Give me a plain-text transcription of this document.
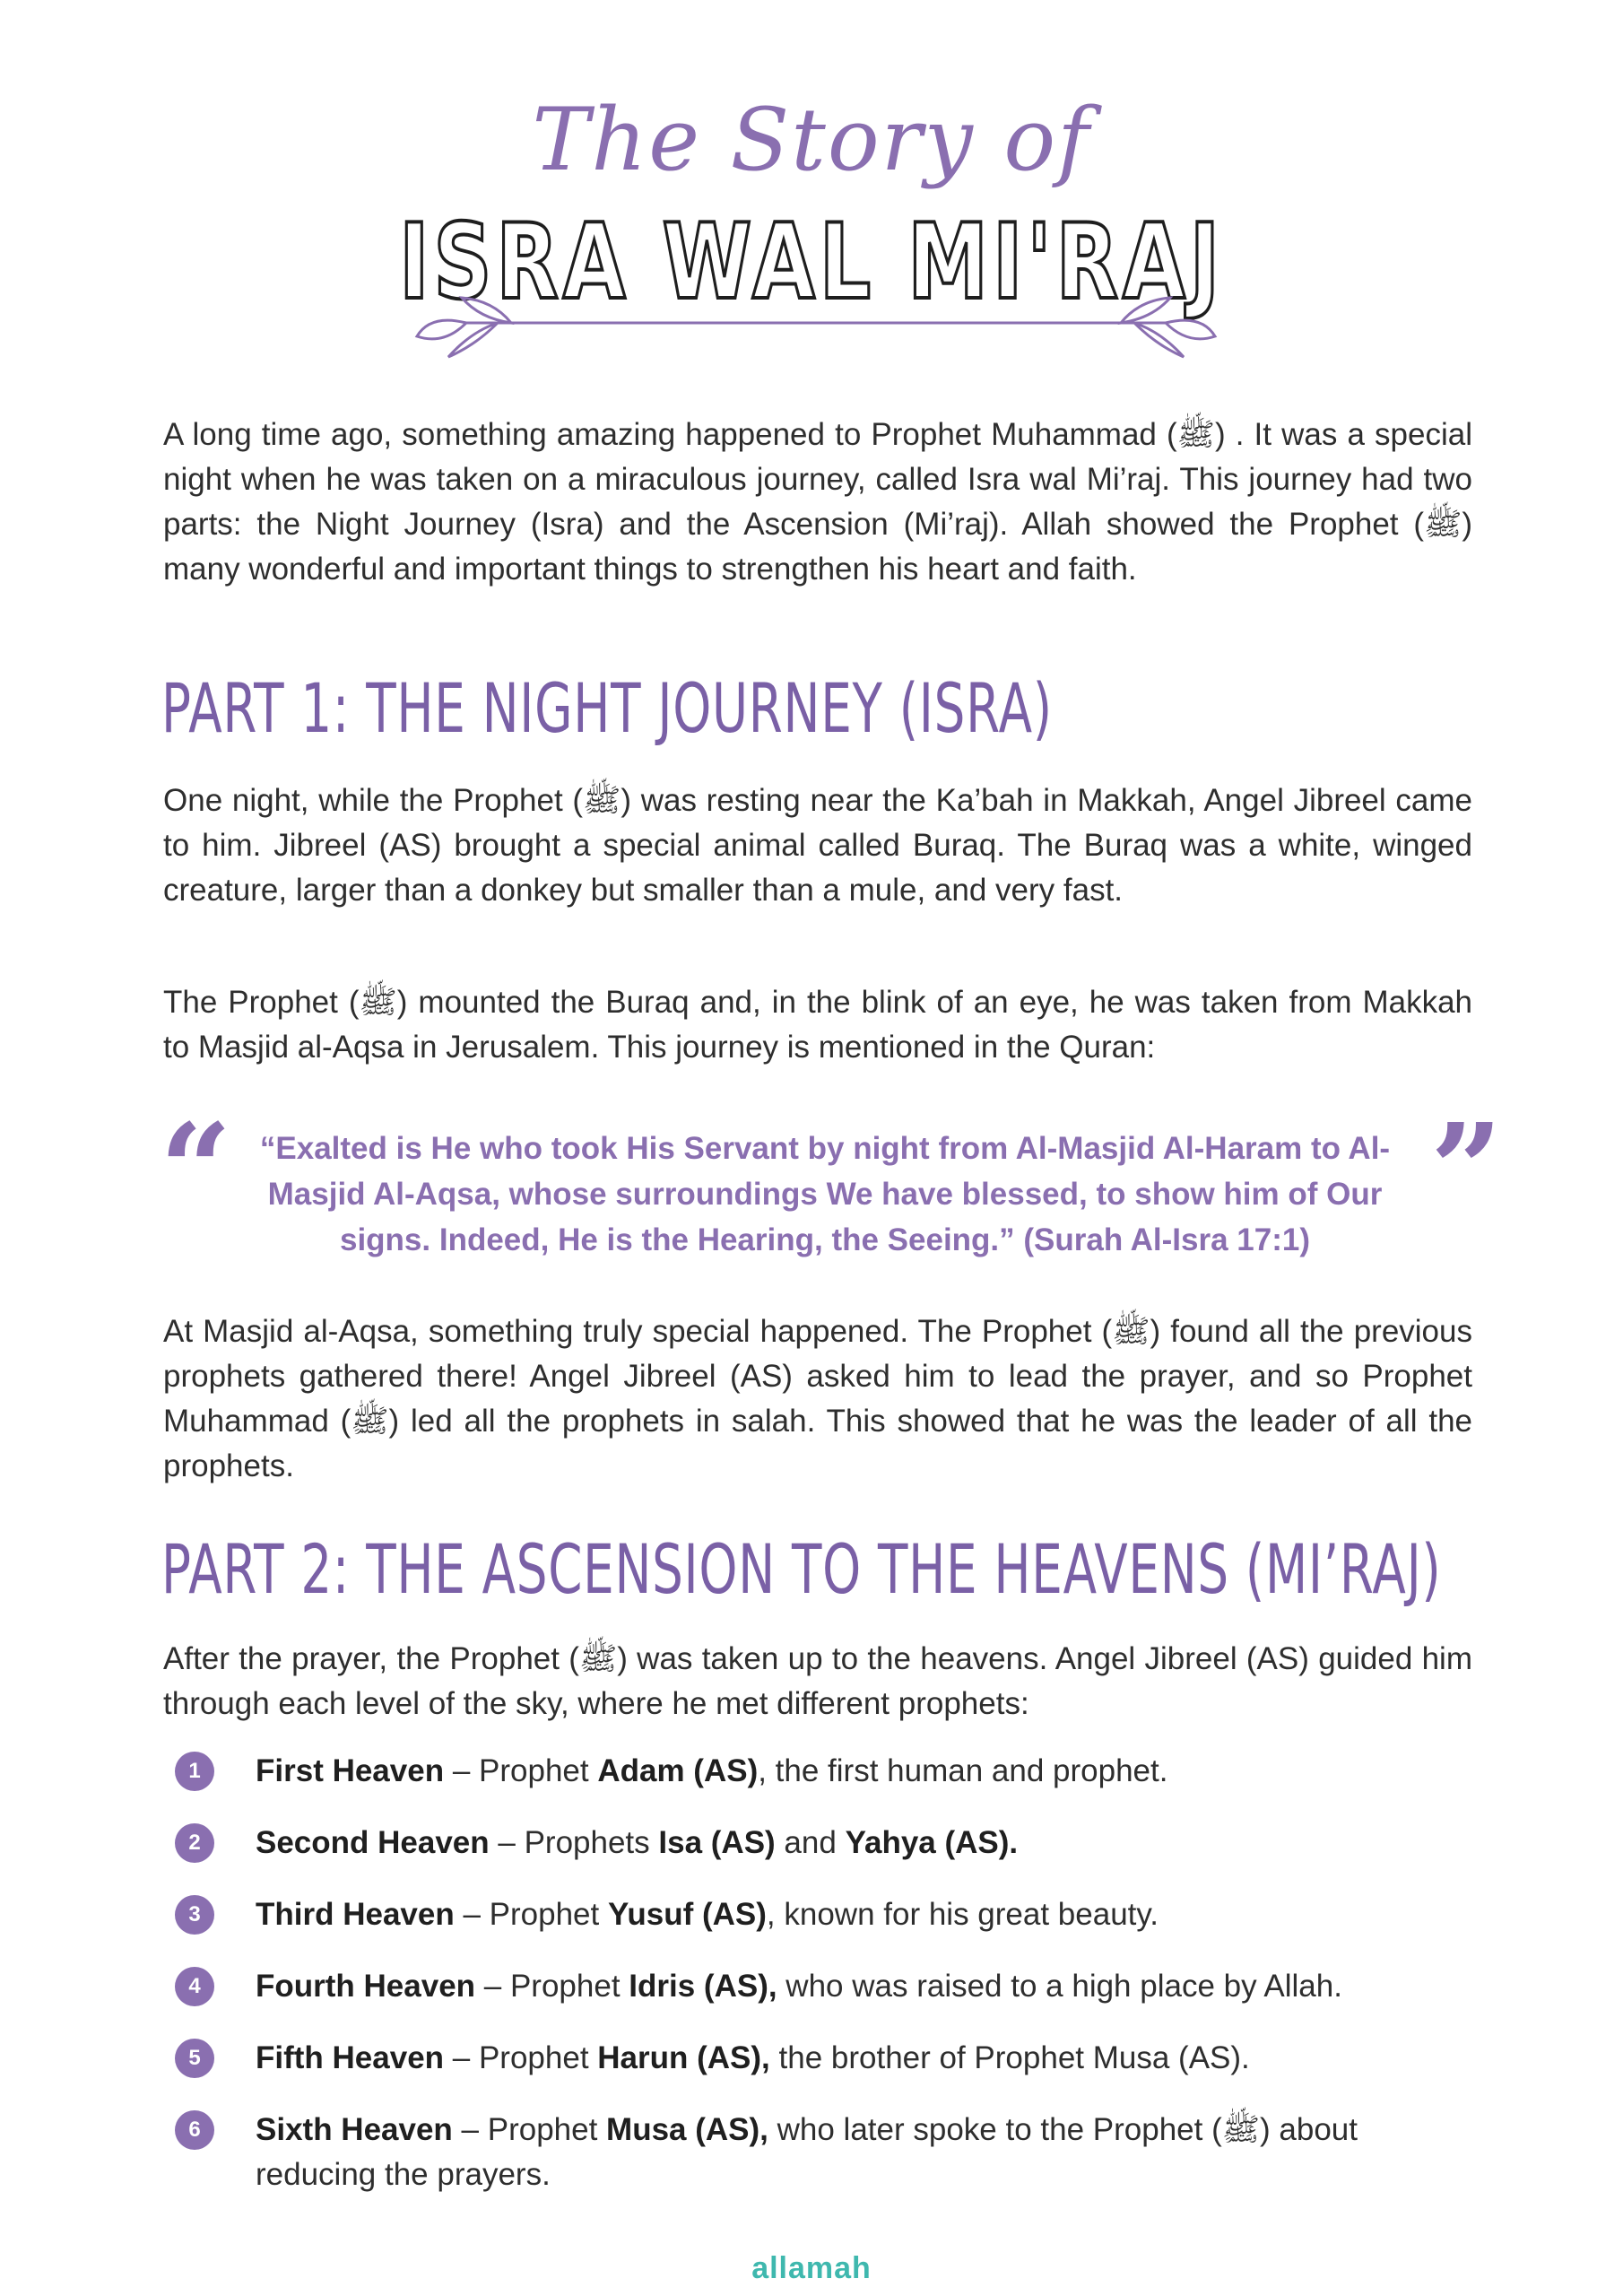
The Story of
ISRA WAL MI'RAJ

A long time ago, something amazing happened to Prophet Muhammad (ﷺ) . It was a special night when he was taken on a miraculous journey, called Isra wal Mi’raj. This journey had two parts: the Night Journey (Isra) and the Ascension (Mi’raj). Allah showed the Prophet (ﷺ) many wonderful and important things to strengthen his heart and faith.

PART 1: THE NIGHT JOURNEY (ISRA)

One night, while the Prophet (ﷺ) was resting near the Ka’bah in Makkah, Angel Jibreel came to him. Jibreel (AS) brought a special animal called Buraq. The Buraq was a white, winged creature, larger than a donkey but smaller than a mule, and very fast.

The Prophet (ﷺ) mounted the Buraq and, in the blink of an eye, he was taken from Makkah to Masjid al-Aqsa in Jerusalem. This journey is mentioned in the Quran:

“ “Exalted is He who took His Servant by night from Al-Masjid Al-Haram to Al-Masjid Al-Aqsa, whose surroundings We have blessed, to show him of Our signs. Indeed, He is the Hearing, the Seeing.” (Surah Al-Isra 17:1) ”

At Masjid al-Aqsa, something truly special happened. The Prophet (ﷺ) found all the previous prophets gathered there! Angel Jibreel (AS) asked him to lead the prayer, and so Prophet Muhammad (ﷺ) led all the prophets in salah. This showed that he was the leader of all the prophets.

PART 2: THE ASCENSION TO THE HEAVENS (MI’RAJ)

After the prayer, the Prophet (ﷺ) was taken up to the heavens. Angel Jibreel (AS) guided him through each level of the sky, where he met different prophets:

1	First Heaven – Prophet Adam (AS), the first human and prophet.
2	Second Heaven – Prophets Isa (AS) and Yahya (AS).
3	Third Heaven – Prophet Yusuf (AS), known for his great beauty.
4	Fourth Heaven – Prophet Idris (AS), who was raised to a high place by Allah.
5	Fifth Heaven – Prophet Harun (AS), the brother of Prophet Musa (AS).
6	Sixth Heaven – Prophet Musa (AS), who later spoke to the Prophet (ﷺ) about reducing the prayers.
allamah
